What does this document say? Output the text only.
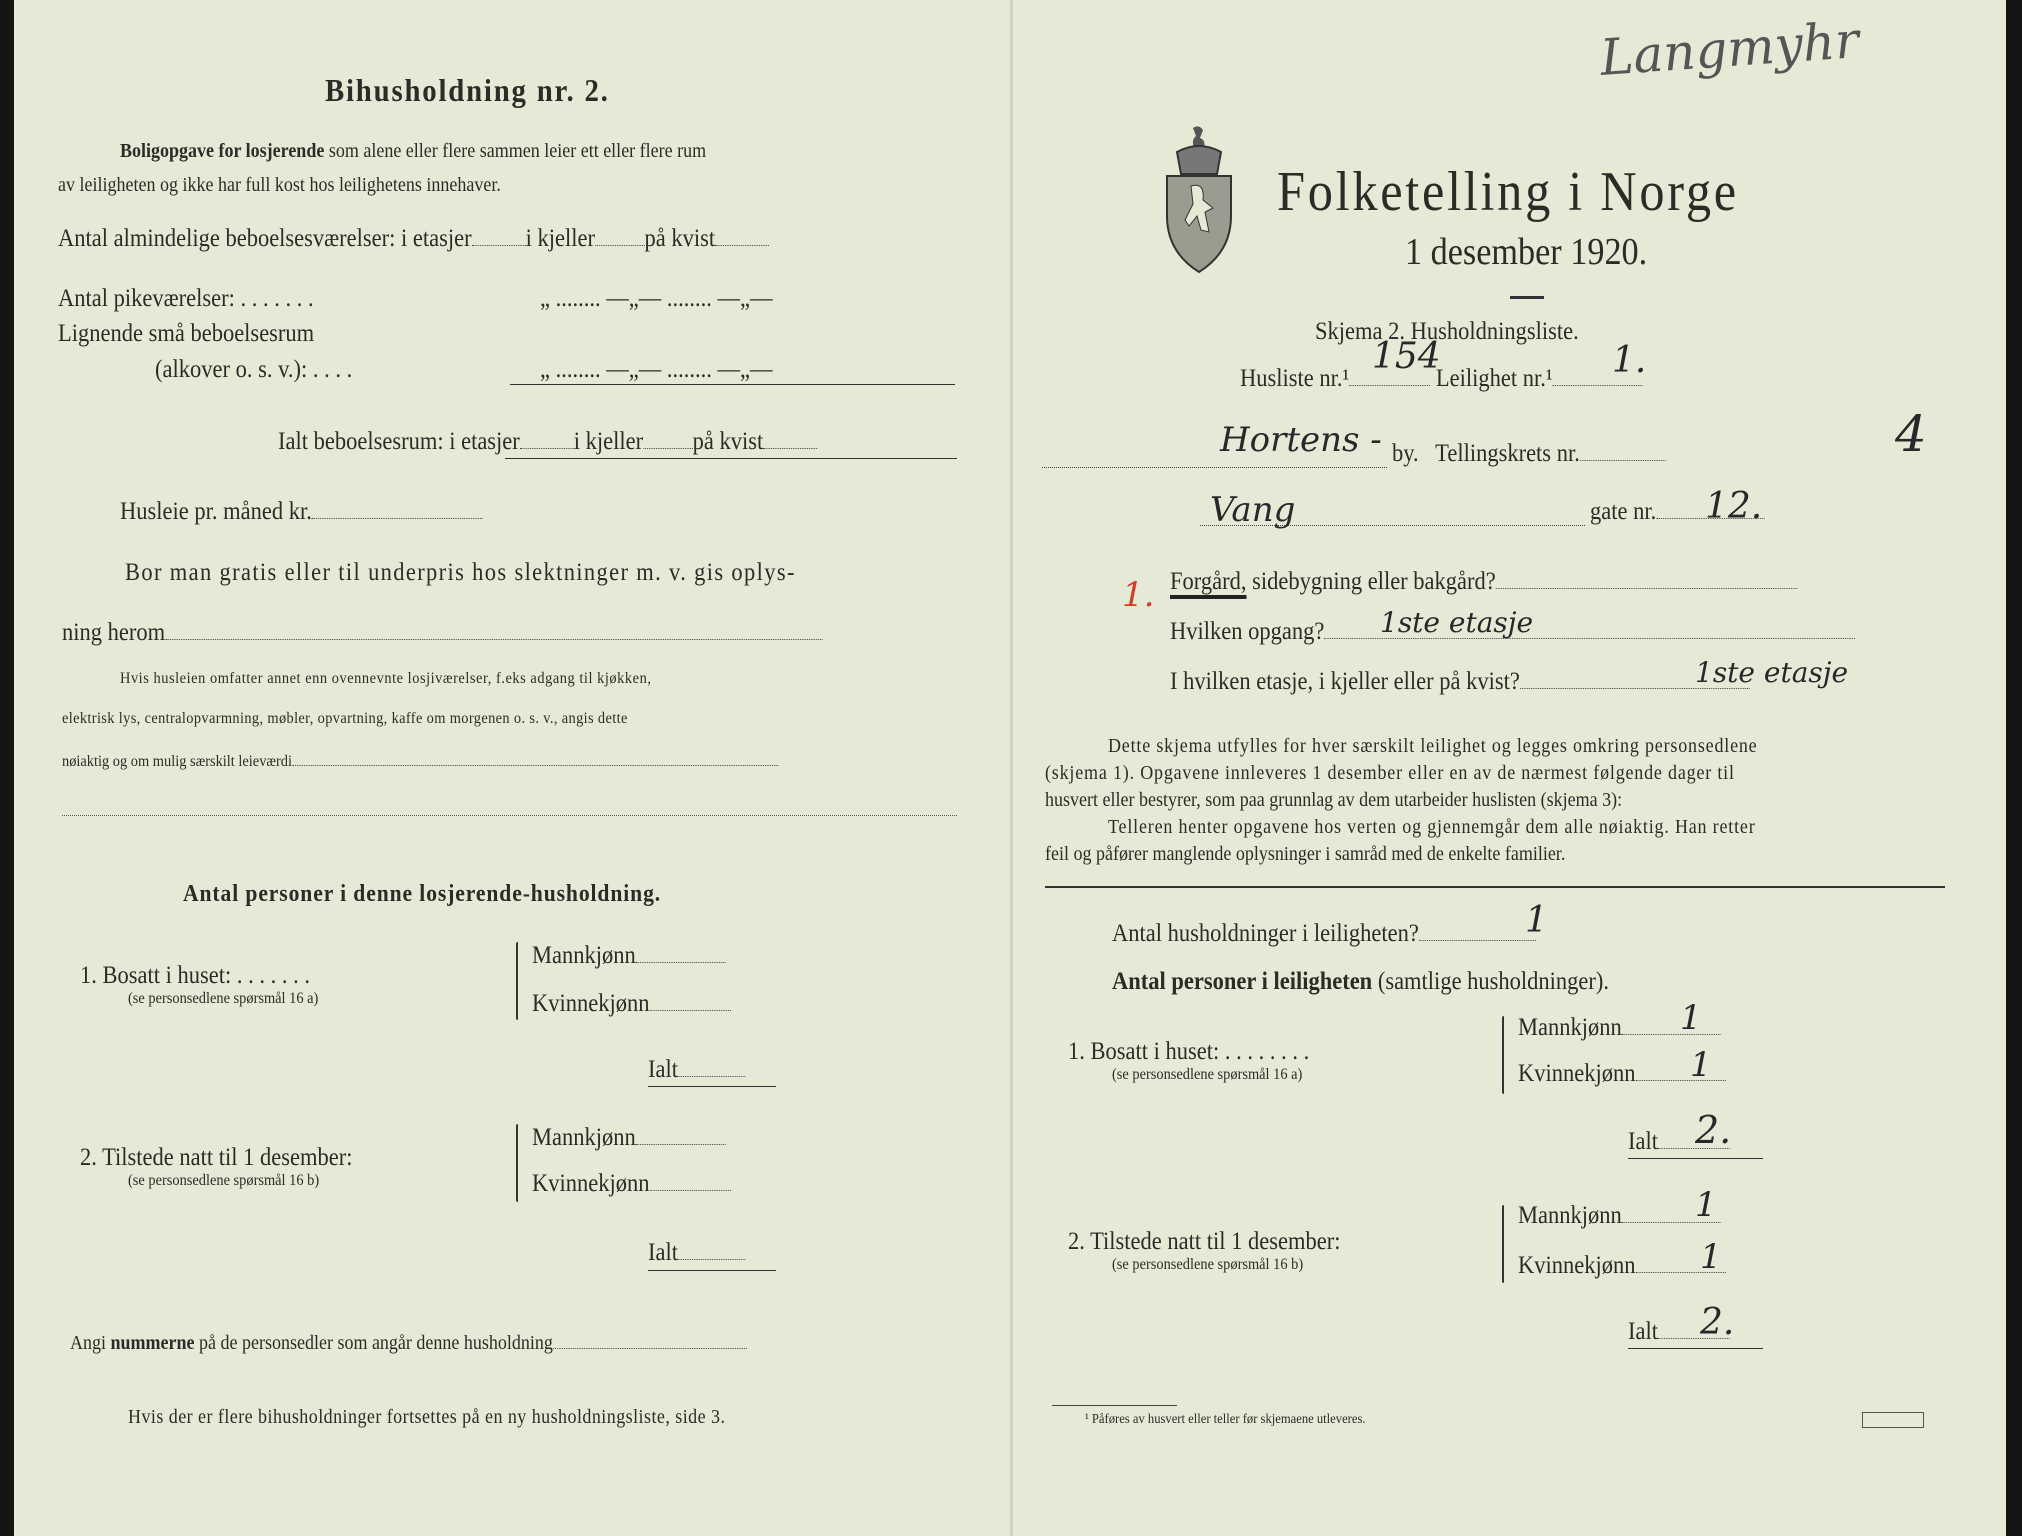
Bihusholdning nr. 2.
Boligopgave for losjerende som alene eller flere sammen leier ett eller flere rum
av leiligheten og ikke har full kost hos leilighetens innehaver.
Antal almindelige beboelsesværelser: i etasjer i kjeller på kvist
Antal pikeværelser: . . . . . . .	„ ........ —„— ........ —„—
Lignende små beboelsesrum
(alkover o. s. v.): . . . .	„ ........ —„— ........ —„—
Ialt beboelsesrum: i etasjer i kjeller på kvist
Husleie pr. måned kr.
Bor man gratis eller til underpris hos slektninger m. v. gis oplys-
ning herom
Hvis husleien omfatter annet enn ovennevnte losjiværelser, f.eks adgang til kjøkken,
elektrisk lys, centralopvarmning, møbler, opvartning, kaffe om morgenen o. s. v., angis dette
nøiaktig og om mulig særskilt leieværdi
Antal personer i denne losjerende-husholdning.
1. Bosatt i huset: . . . . . . .
(se personsedlene spørsmål 16 a)
Mannkjønn
Kvinnekjønn
Ialt
2. Tilstede natt til 1 desember:
(se personsedlene spørsmål 16 b)
Mannkjønn
Kvinnekjønn
Ialt
Angi nummerne på de personsedler som angår denne husholdning
Hvis der er flere bihusholdninger fortsettes på en ny husholdningsliste, side 3.
Langmyhr
Folketelling i Norge
1 desember 1920.
Skjema 2. Husholdningsliste.
Husliste nr.¹	Leilighet nr.¹
154	1.
Hortens - by. Tellingskrets nr.	4
Vang	gate nr.	12.
1. Forgård, sidebygning eller bakgård?
Hvilken opgang?	1ste etasje
I hvilken etasje, i kjeller eller på kvist?	1ste etasje
Dette skjema utfylles for hver særskilt leilighet og legges omkring personsedlene
(skjema 1). Opgavene innleveres 1 desember eller en av de nærmest følgende dager til
husvert eller bestyrer, som paa grunnlag av dem utarbeider huslisten (skjema 3):
Telleren henter opgavene hos verten og gjennemgår dem alle nøiaktig. Han retter
feil og påfører manglende oplysninger i samråd med de enkelte familier.
Antal husholdninger i leiligheten?	1
Antal personer i leiligheten (samtlige husholdninger).
1. Bosatt i huset: . . . . . . . .
(se personsedlene spørsmål 16 a)
Mannkjønn	1
Kvinnekjønn	1
Ialt 2.
2. Tilstede natt til 1 desember:
(se personsedlene spørsmål 16 b)
Mannkjønn	1
Kvinnekjønn	1
Ialt	2.
¹ Påføres av husvert eller teller før skjemaene utleveres.
